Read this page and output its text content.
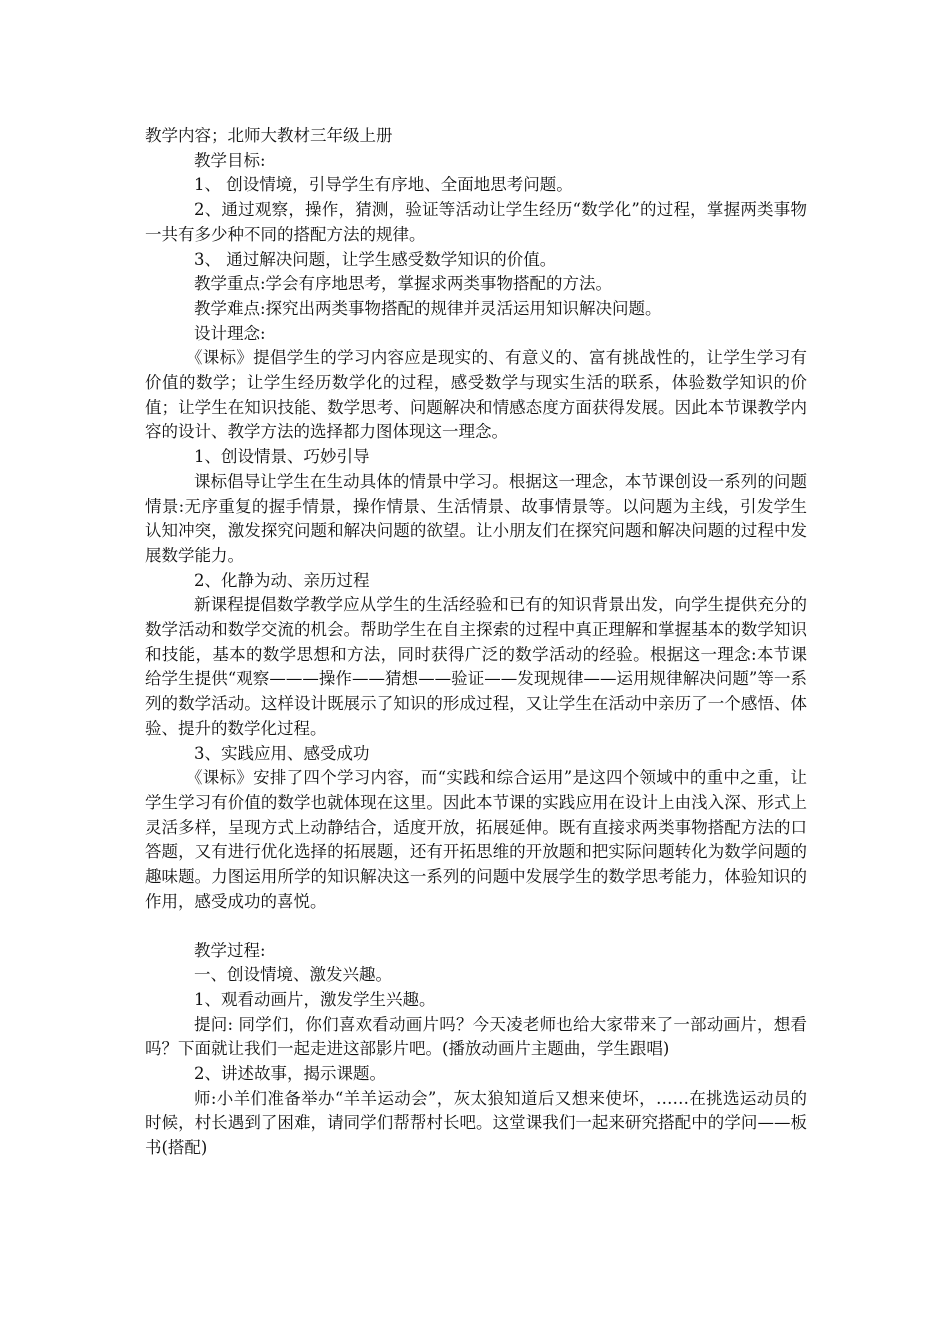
教学内容；北师大教材三年级上册

教学目标:

1、 创设情境，引导学生有序地、全面地思考问题。

2、通过观察，操作，猜测，验证等活动让学生经历“数学化”的过程，掌握两类事物一共有多少种不同的搭配方法的规律。

3、 通过解决问题，让学生感受数学知识的价值。

教学重点:学会有序地思考，掌握求两类事物搭配的方法。

教学难点:探究出两类事物搭配的规律并灵活运用知识解决问题。

设计理念:

《课标》提倡学生的学习内容应是现实的、有意义的、富有挑战性的，让学生学习有价值的数学；让学生经历数学化的过程，感受数学与现实生活的联系，体验数学知识的价值；让学生在知识技能、数学思考、问题解决和情感态度方面获得发展。因此本节课教学内容的设计、教学方法的选择都力图体现这一理念。

1、创设情景、巧妙引导

课标倡导让学生在生动具体的情景中学习。根据这一理念，本节课创设一系列的问题情景:无序重复的握手情景，操作情景、生活情景、故事情景等。以问题为主线，引发学生认知冲突，激发探究问题和解决问题的欲望。让小朋友们在探究问题和解决问题的过程中发展数学能力。

2、化静为动、亲历过程

新课程提倡数学教学应从学生的生活经验和已有的知识背景出发，向学生提供充分的数学活动和数学交流的机会。帮助学生在自主探索的过程中真正理解和掌握基本的数学知识和技能，基本的数学思想和方法，同时获得广泛的数学活动的经验。根据这一理念:本节课给学生提供“观察———操作——猜想——验证——发现规律——运用规律解决问题”等一系列的数学活动。这样设计既展示了知识的形成过程，又让学生在活动中亲历了一个感悟、体验、提升的数学化过程。

3、实践应用、感受成功

《课标》安排了四个学习内容，而“实践和综合运用”是这四个领域中的重中之重，让学生学习有价值的数学也就体现在这里。因此本节课的实践应用在设计上由浅入深、形式上灵活多样，呈现方式上动静结合，适度开放，拓展延伸。既有直接求两类事物搭配方法的口答题，又有进行优化选择的拓展题，还有开拓思维的开放题和把实际问题转化为数学问题的趣味题。力图运用所学的知识解决这一系列的问题中发展学生的数学思考能力，体验知识的作用，感受成功的喜悦。

教学过程:

一、创设情境、激发兴趣。

1、观看动画片，激发学生兴趣。

提问: 同学们，你们喜欢看动画片吗？今天凌老师也给大家带来了一部动画片，想看吗？下面就让我们一起走进这部影片吧。(播放动画片主题曲，学生跟唱)

2、讲述故事，揭示课题。

师:小羊们准备举办“羊羊运动会”，灰太狼知道后又想来使坏，……在挑选运动员的时候，村长遇到了困难，请同学们帮帮村长吧。这堂课我们一起来研究搭配中的学问——板书(搭配)
